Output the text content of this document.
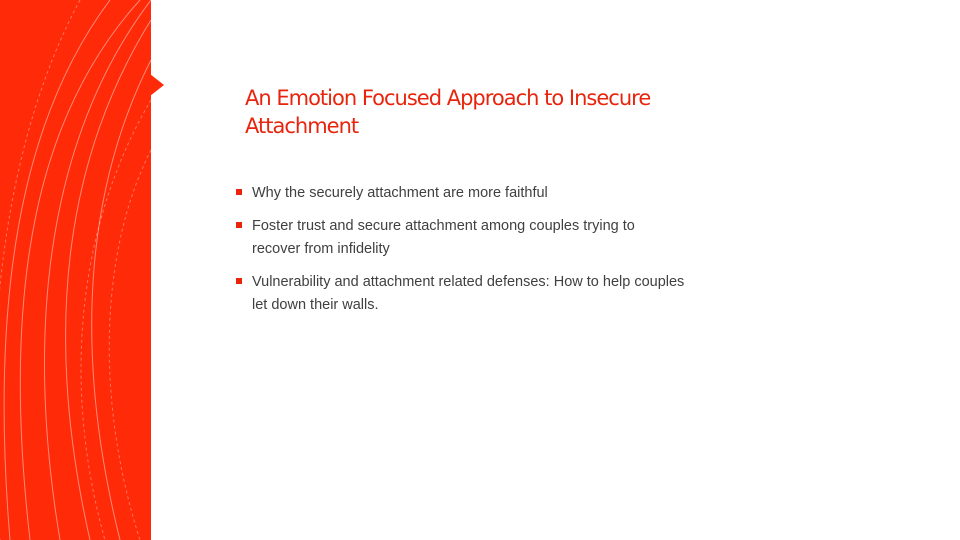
An Emotion Focused Approach to Insecure Attachment
Why the securely attachment are more faithful
Foster trust and secure attachment among couples trying to recover from infidelity
Vulnerability and attachment related defenses: How to help couples let down their walls.
